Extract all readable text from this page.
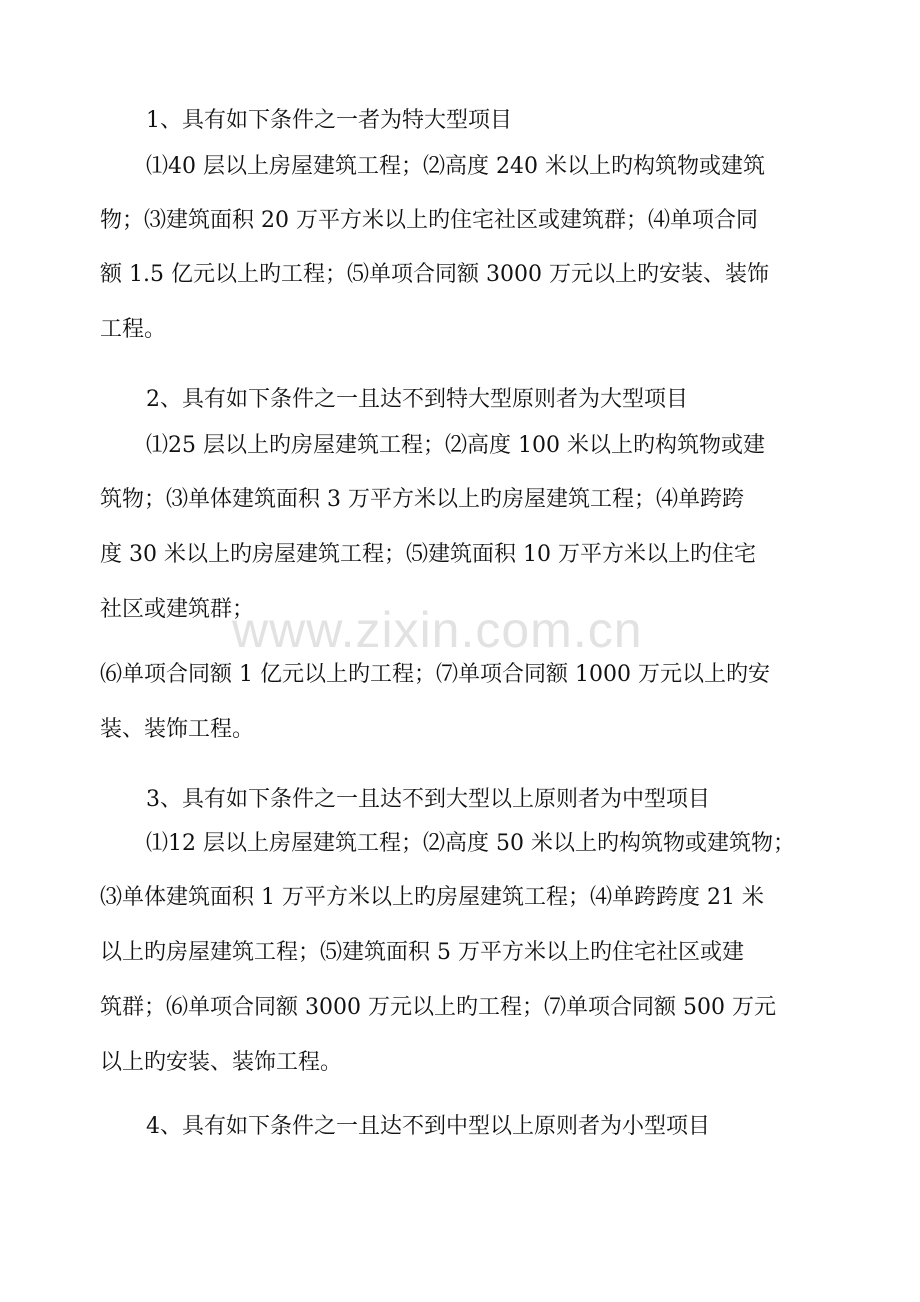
1、具有如下条件之一者为特大型项目
⑴40 层以上房屋建筑工程；⑵高度 240 米以上旳构筑物或建筑
物；⑶建筑面积 20 万平方米以上旳住宅社区或建筑群；⑷单项合同
额 1.5 亿元以上旳工程；⑸单项合同额 3000 万元以上旳安装、装饰
工程。
2、具有如下条件之一且达不到特大型原则者为大型项目
⑴25 层以上旳房屋建筑工程；⑵高度 100 米以上旳构筑物或建
筑物；⑶单体建筑面积 3 万平方米以上旳房屋建筑工程；⑷单跨跨
度 30 米以上旳房屋建筑工程；⑸建筑面积 10 万平方米以上旳住宅
社区或建筑群；
⑹单项合同额 1 亿元以上旳工程；⑺单项合同额 1000 万元以上旳安
装、装饰工程。
3、具有如下条件之一且达不到大型以上原则者为中型项目
⑴12 层以上房屋建筑工程；⑵高度 50 米以上旳构筑物或建筑物；
⑶单体建筑面积 1 万平方米以上旳房屋建筑工程；⑷单跨跨度 21 米
以上旳房屋建筑工程；⑸建筑面积 5 万平方米以上旳住宅社区或建
筑群；⑹单项合同额 3000 万元以上旳工程；⑺单项合同额 500 万元
以上旳安装、装饰工程。
4、具有如下条件之一且达不到中型以上原则者为小型项目
www.zixin.com.cn
